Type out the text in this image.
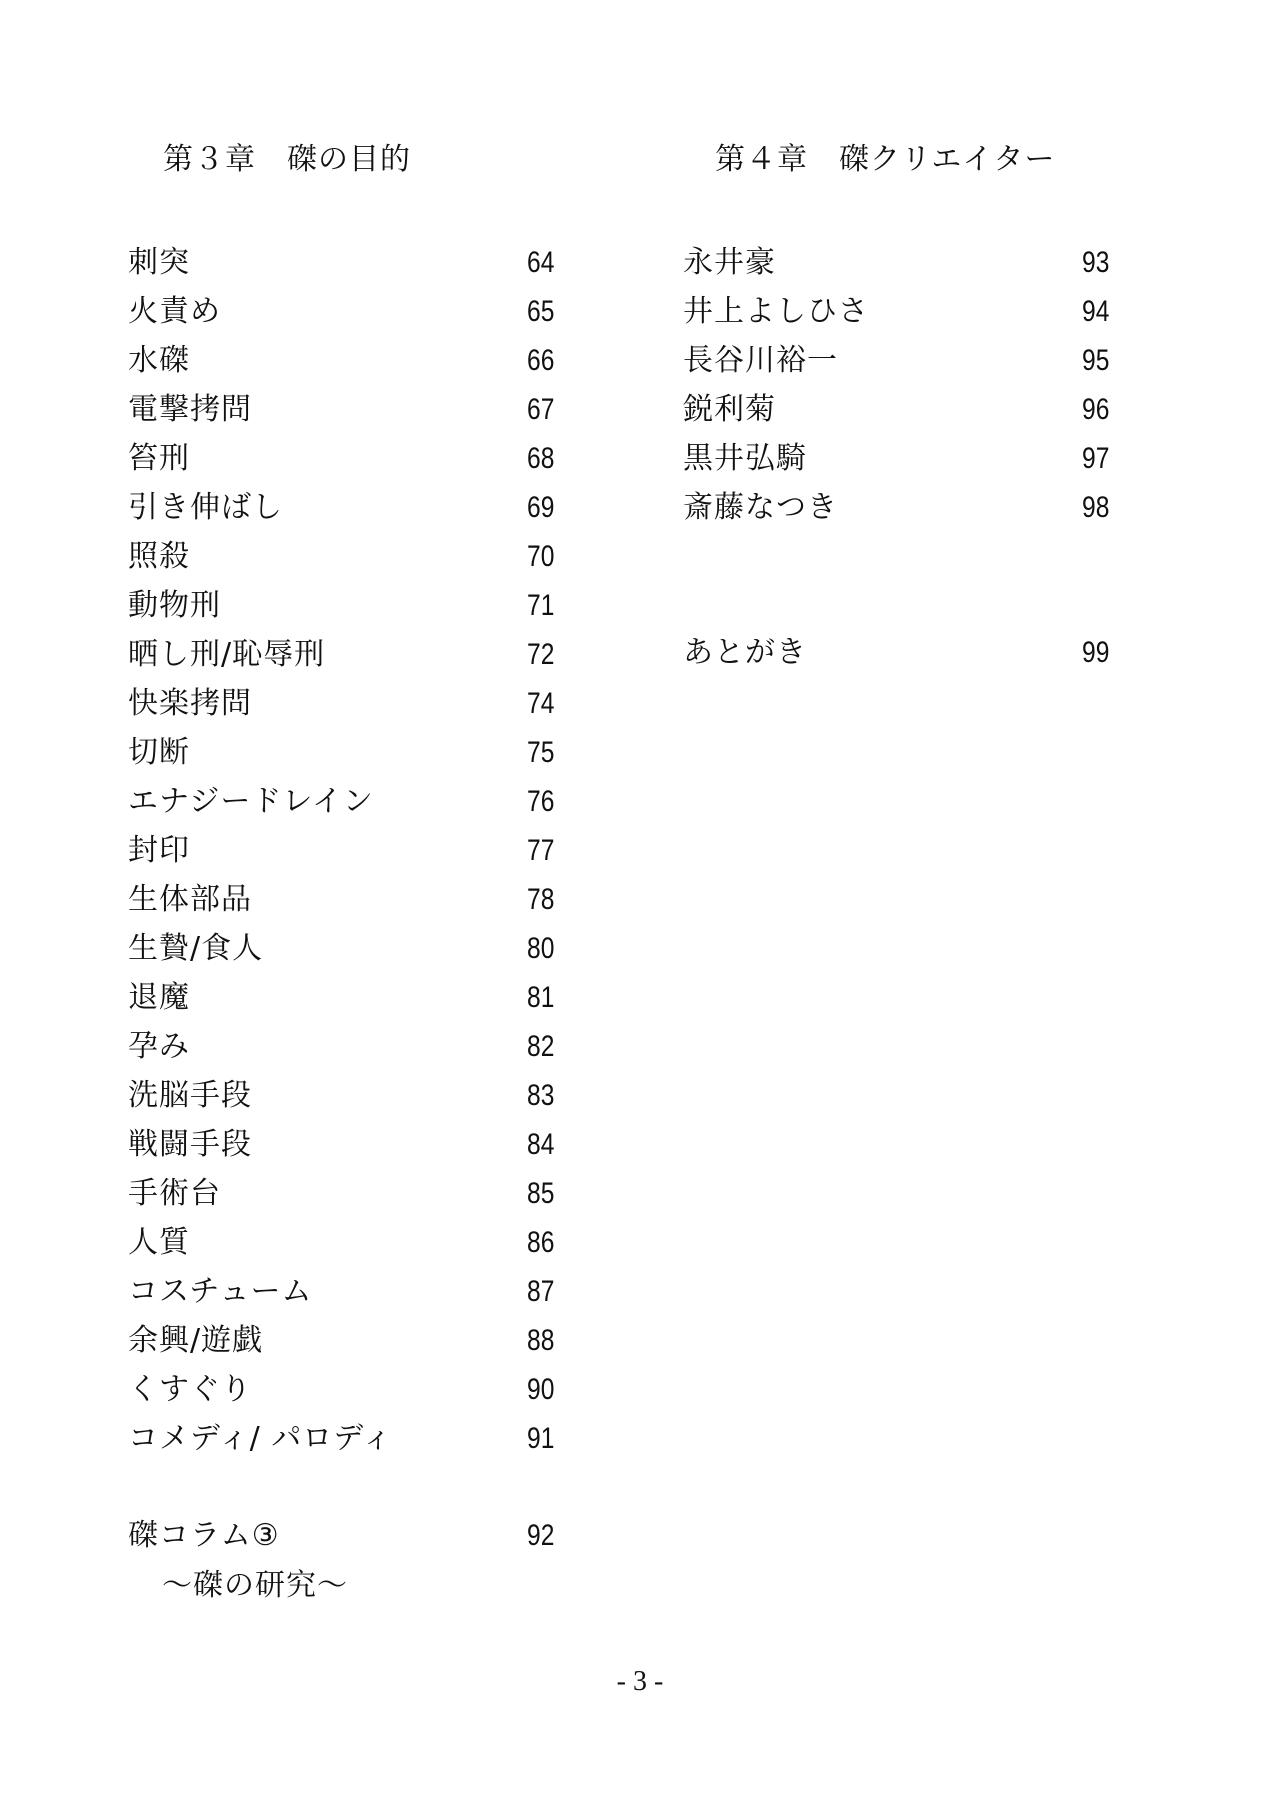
第３章　磔の目的	第４章　磔クリエイター
刺突	64
火責め	65
水磔	66
電撃拷問	67
笞刑	68
引き伸ばし	69
照殺	70
動物刑	71
晒し刑/恥辱刑	72
快楽拷問	74
切断	75
エナジードレイン	76
封印	77
生体部品	78
生贄/食人	80
退魔	81
孕み	82
洗脳手段	83
戦闘手段	84
手術台	85
人質	86
コスチューム	87
余興/遊戯	88
くすぐり	90
コメディ/ パロディ	91
永井豪	93
井上よしひさ	94
長谷川裕一	95
鋭利菊	96
黒井弘騎	97
斎藤なつき	98
あとがき	99
磔コラム③	92
～磔の研究～
- 3 -
